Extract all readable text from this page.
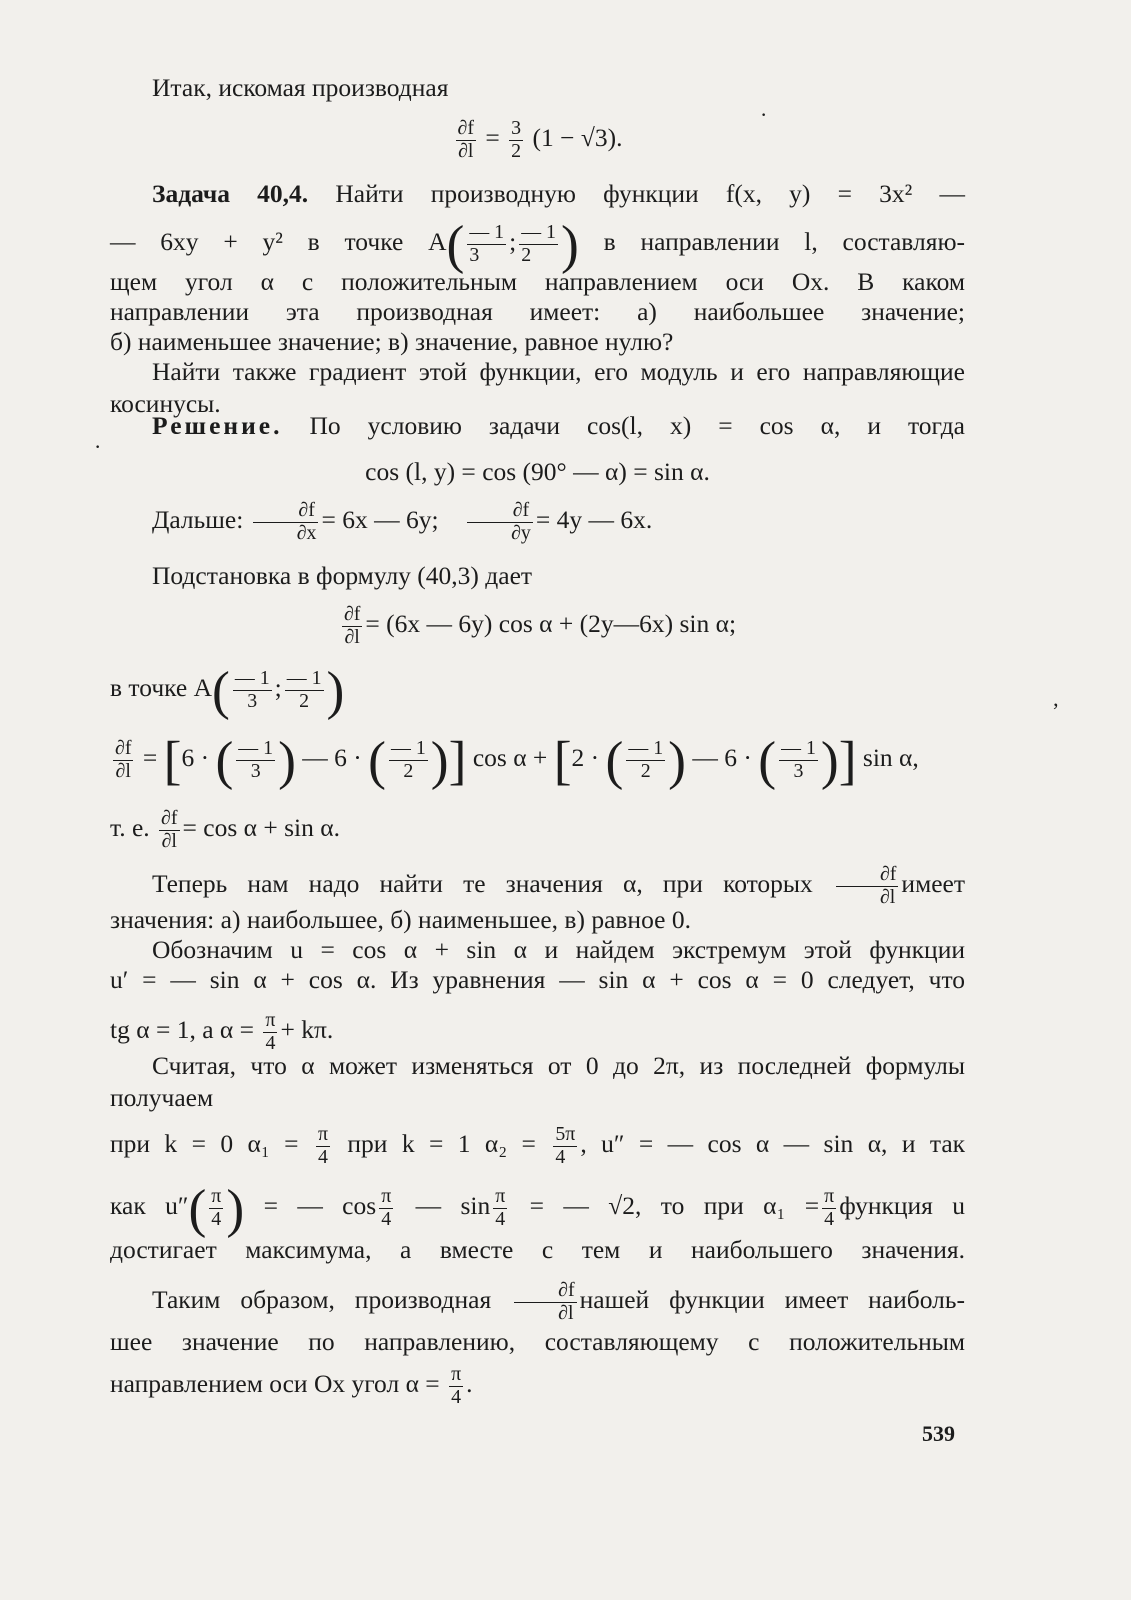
Итак, искомая производная

$\frac{\partial f}{\partial l} = \frac{3}{2} (1 - √3)$.

Задача 40,4. Найти производную функции f(x, y) = 3x² —

— 6xy + y² в точке $A( \frac{— 1}{3}$ ; $\frac{— 1}{2}$ ) в направлении l, составляю-

щем угол α с положительным направлением оси Ox. В каком

направлении эта производная имеет: а) наибольшее значение;

б) наименьшее значение; в) значение, равное нулю?

Найти также градиент этой функции, его модуль и его направляющие косинусы.

Решение. По условию задачи cos(l, x) = cos α, и тогда

cos (l, y) = cos (90° — α) = sin α.

Дальше: $\frac{\partial f}{\partial x} = 6x$ — 6y; $\frac{\partial f}{\partial y} = 4y$ — 6x.

Подстановка в формулу (40,3) дает

$\frac{\partial f}{\partial l} = (6x$ — 6y) cos α + (2y—6x) sin α;

в точке $A( \frac{— 1}{3}$ ; $\frac{— 1}{2}$ )

$\frac{\partial f}{\partial l} = [6$ · ( $\frac{— 1}{3}$ ) — 6 · ( $\frac{— 1}{2}$ )] cos α + [2 · ( $\frac{— 1}{2}$ ) — 6 · ( $\frac{— 1}{3}$ )] sin α,

т. е. $\frac{\partial f}{\partial l} = \cos \alpha + \sin \alpha$.

Теперь нам надо найти те значения α, при которых $\frac{\partial f}{\partial l}$ имеет

значения: а) наибольшее, б) наименьшее, в) равное 0.

Обозначим u = cos α + sin α и найдем экстремум этой функции

u′ = — sin α + cos α. Из уравнения — sin α + cos α = 0 следует, что

tg α = 1, а $\alpha = \frac{\pi}{4} + k\pi$.

Считая, что α может изменяться от 0 до 2π, из последней формулы получаем

при k = 0 $\alpha_1 = \frac{\pi}{4}$ при k = 1 $\alpha_2 = \frac{5\pi}{4}$ , u″ = — cos α — sin α, и так

как $u''( \frac{\pi}{4}$ ) = — $\cos \frac{\pi}{4}$ — $\sin \frac{\pi}{4}$ = — √2, то при $\alpha_1 = \frac{\pi}{4}$ функция u

достигает максимума, а вместе с тем и наибольшего значения.

Таким образом, производная $\frac{\partial f}{\partial l}$ нашей функции имеет наиболь-

шее значение по направлению, составляющему с положительным

направлением оси Ox угол $\alpha = \frac{\pi}{4}$ .

539
·
·
‚
